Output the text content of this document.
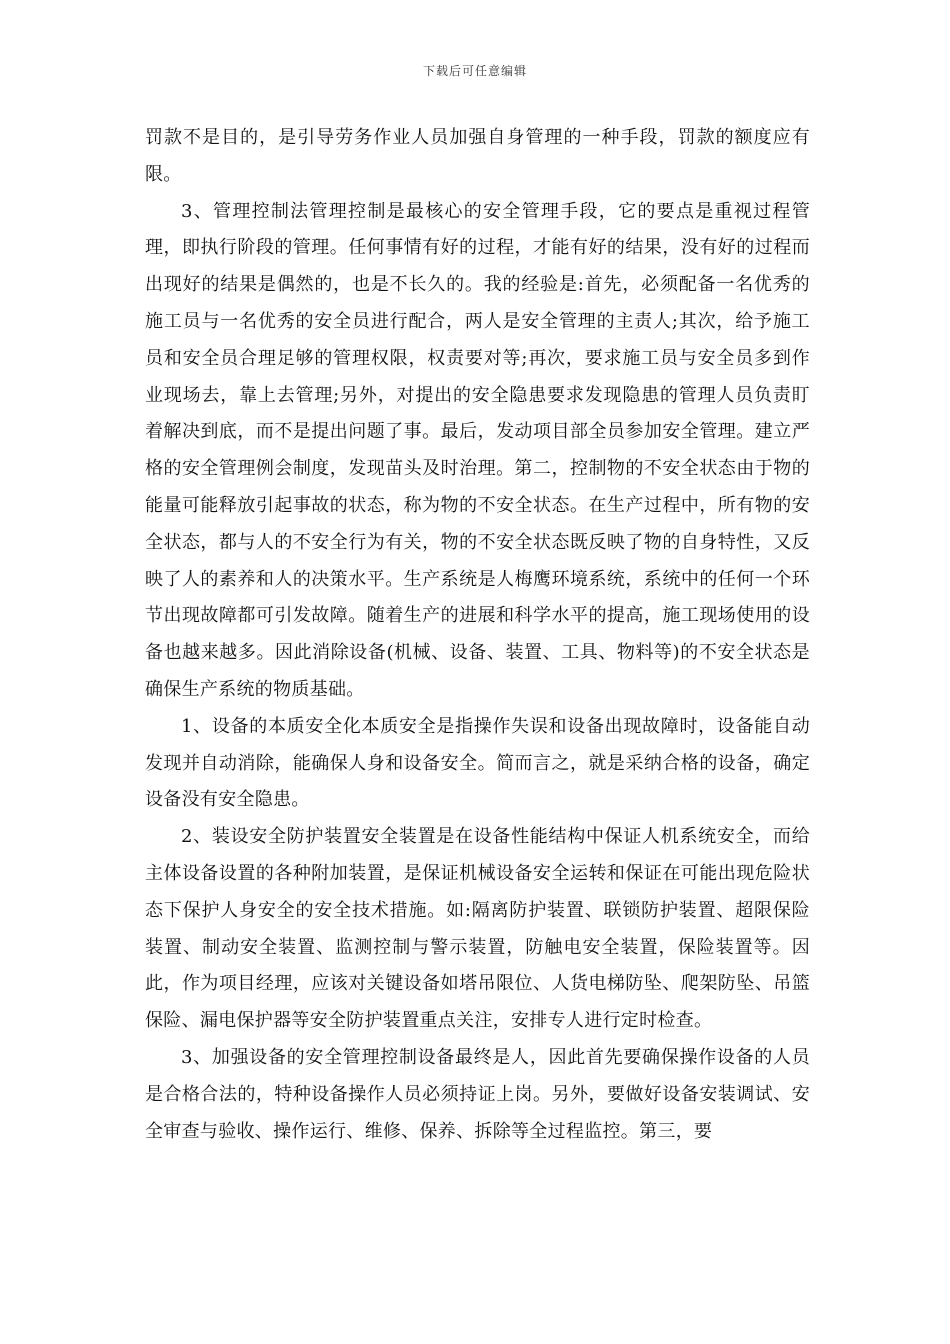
下载后可任意编辑

罚款不是目的，是引导劳务作业人员加强自身管理的一种手段，罚款的额度应有限。

3、管理控制法管理控制是最核心的安全管理手段，它的要点是重视过程管理，即执行阶段的管理。任何事情有好的过程，才能有好的结果，没有好的过程而出现好的结果是偶然的，也是不长久的。我的经验是:首先，必须配备一名优秀的施工员与一名优秀的安全员进行配合，两人是安全管理的主责人;其次，给予施工员和安全员合理足够的管理权限，权责要对等;再次，要求施工员与安全员多到作业现场去，靠上去管理;另外，对提出的安全隐患要求发现隐患的管理人员负责盯着解决到底，而不是提出问题了事。最后，发动项目部全员参加安全管理。建立严格的安全管理例会制度，发现苗头及时治理。第二，控制物的不安全状态由于物的能量可能释放引起事故的状态，称为物的不安全状态。在生产过程中，所有物的安全状态，都与人的不安全行为有关，物的不安全状态既反映了物的自身特性，又反映了人的素养和人的决策水平。生产系统是人梅鹰环境系统，系统中的任何一个环节出现故障都可引发故障。随着生产的进展和科学水平的提高，施工现场使用的设备也越来越多。因此消除设备(机械、设备、装置、工具、物料等)的不安全状态是确保生产系统的物质基础。

1、设备的本质安全化本质安全是指操作失误和设备出现故障时，设备能自动发现并自动消除，能确保人身和设备安全。简而言之，就是采纳合格的设备，确定设备没有安全隐患。

2、装设安全防护装置安全装置是在设备性能结构中保证人机系统安全，而给主体设备设置的各种附加装置，是保证机械设备安全运转和保证在可能出现危险状态下保护人身安全的安全技术措施。如:隔离防护装置、联锁防护装置、超限保险装置、制动安全装置、监测控制与警示装置，防触电安全装置，保险装置等。因此，作为项目经理，应该对关键设备如塔吊限位、人货电梯防坠、爬架防坠、吊篮保险、漏电保护器等安全防护装置重点关注，安排专人进行定时检查。

3、加强设备的安全管理控制设备最终是人，因此首先要确保操作设备的人员是合格合法的，特种设备操作人员必须持证上岗。另外，要做好设备安装调试、安全审查与验收、操作运行、维修、保养、拆除等全过程监控。第三，要
